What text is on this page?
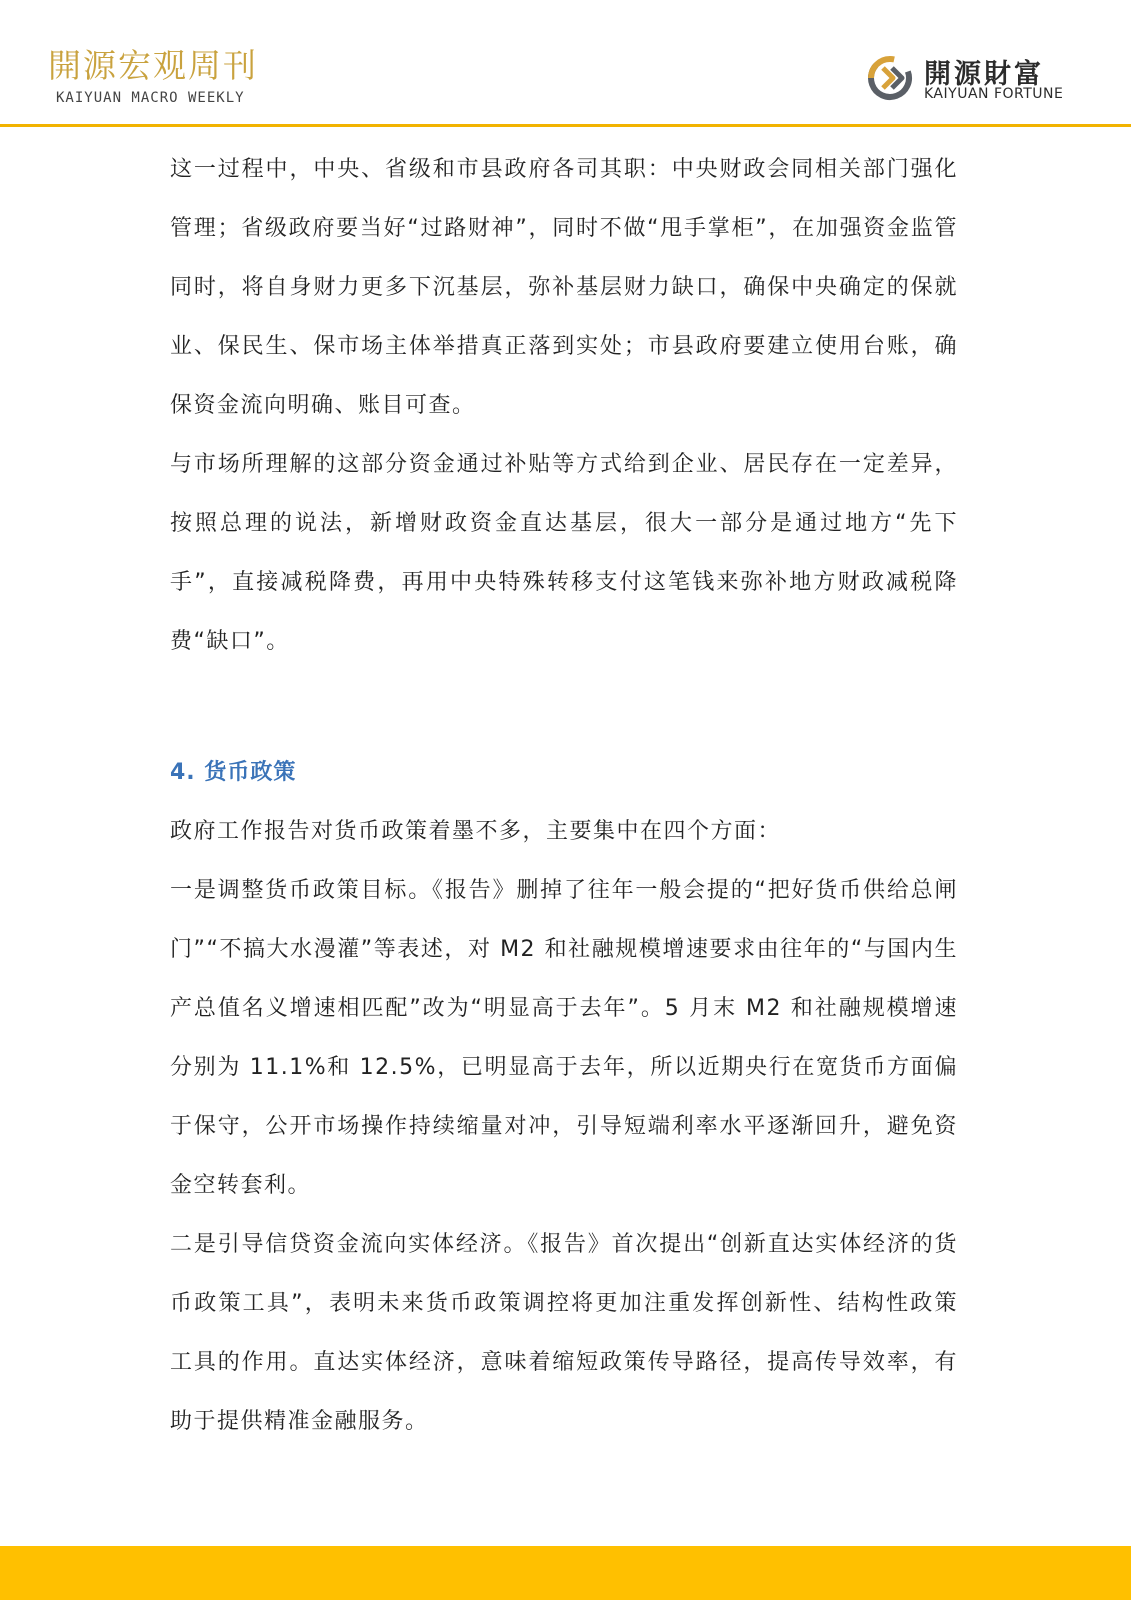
開源宏观周刊
KAIYUAN MACRO WEEKLY
開源財富
KAIYUAN FORTUNE

这一过程中，中央、省级和市县政府各司其职：中央财政会同相关部门强化管理；省级政府要当好“过路财神”，同时不做“甩手掌柜”，在加强资金监管同时，将自身财力更多下沉基层，弥补基层财力缺口，确保中央确定的保就业、保民生、保市场主体举措真正落到实处；市县政府要建立使用台账，确保资金流向明确、账目可查。

与市场所理解的这部分资金通过补贴等方式给到企业、居民存在一定差异，按照总理的说法，新增财政资金直达基层，很大一部分是通过地方“先下手”，直接减税降费，再用中央特殊转移支付这笔钱来弥补地方财政减税降费“缺口”。

4. 货币政策

政府工作报告对货币政策着墨不多，主要集中在四个方面：

一是调整货币政策目标。《报告》删掉了往年一般会提的“把好货币供给总闸门”“不搞大水漫灌”等表述，对 M2 和社融规模增速要求由往年的“与国内生产总值名义增速相匹配”改为“明显高于去年”。5 月末 M2 和社融规模增速分别为 11.1%和 12.5%，已明显高于去年，所以近期央行在宽货币方面偏于保守，公开市场操作持续缩量对冲，引导短端利率水平逐渐回升，避免资金空转套利。

二是引导信贷资金流向实体经济。《报告》首次提出“创新直达实体经济的货币政策工具”，表明未来货币政策调控将更加注重发挥创新性、结构性政策工具的作用。直达实体经济，意味着缩短政策传导路径，提高传导效率，有助于提供精准金融服务。
